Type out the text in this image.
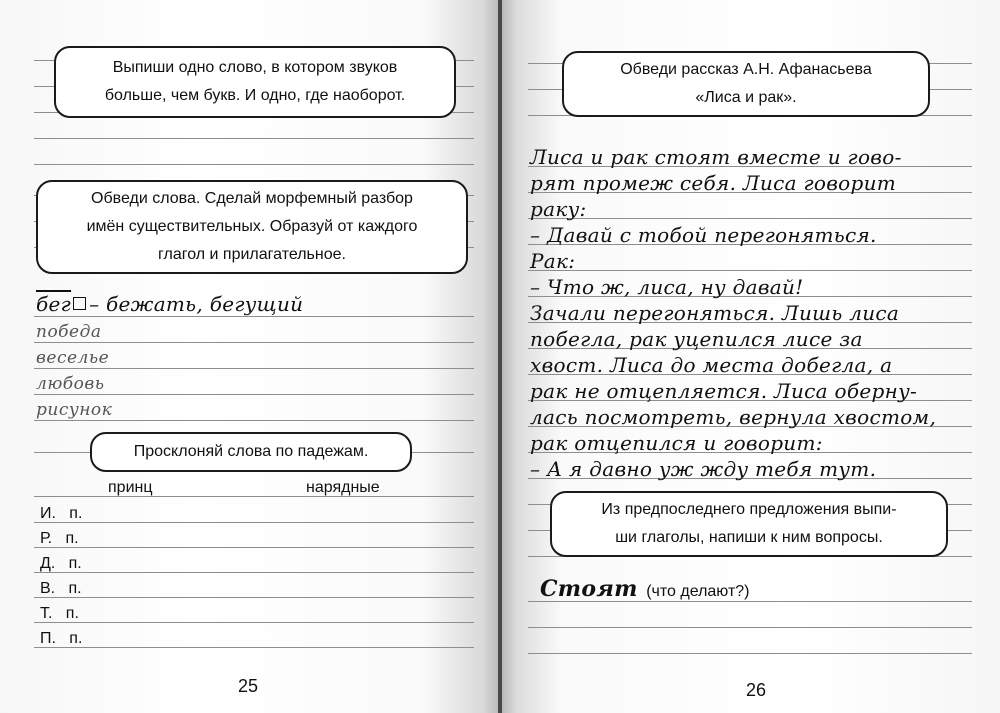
Выпиши одно слово, в котором звуков

больше, чем букв. И одно, где наоборот.

Обведи слова. Сделай морфемный разбор

имён существительных. Образуй от каждого

глагол и прилагательное.

бег – бежать, бегущий
победа
веселье
любовь
рисунок

Просклоняй слова по падежам.

принц	нарядные
И. п.
Р. п.
Д. п.
В. п.
Т. п.
П. п.
25

Обведи рассказ А.Н. Афанасьева

«Лиса и рак».

Лиса и рак стоят вместе и гово-
рят промеж себя. Лиса говорит
раку:
– Давай с тобой перегоняться.
Рак:
– Что ж, лиса, ну давай!
Зачали перегоняться. Лишь лиса
побегла, рак уцепился лисе за
хвост. Лиса до места добегла, а
рак не отцепляется. Лиса оберну-
лась посмотреть, вернула хвостом,
рак отцепился и говорит:
– А я давно уж жду тебя тут.

Из предпоследнего предложения выпи-

ши глаголы, напиши к ним вопросы.

Стоят (что делают?)
26
